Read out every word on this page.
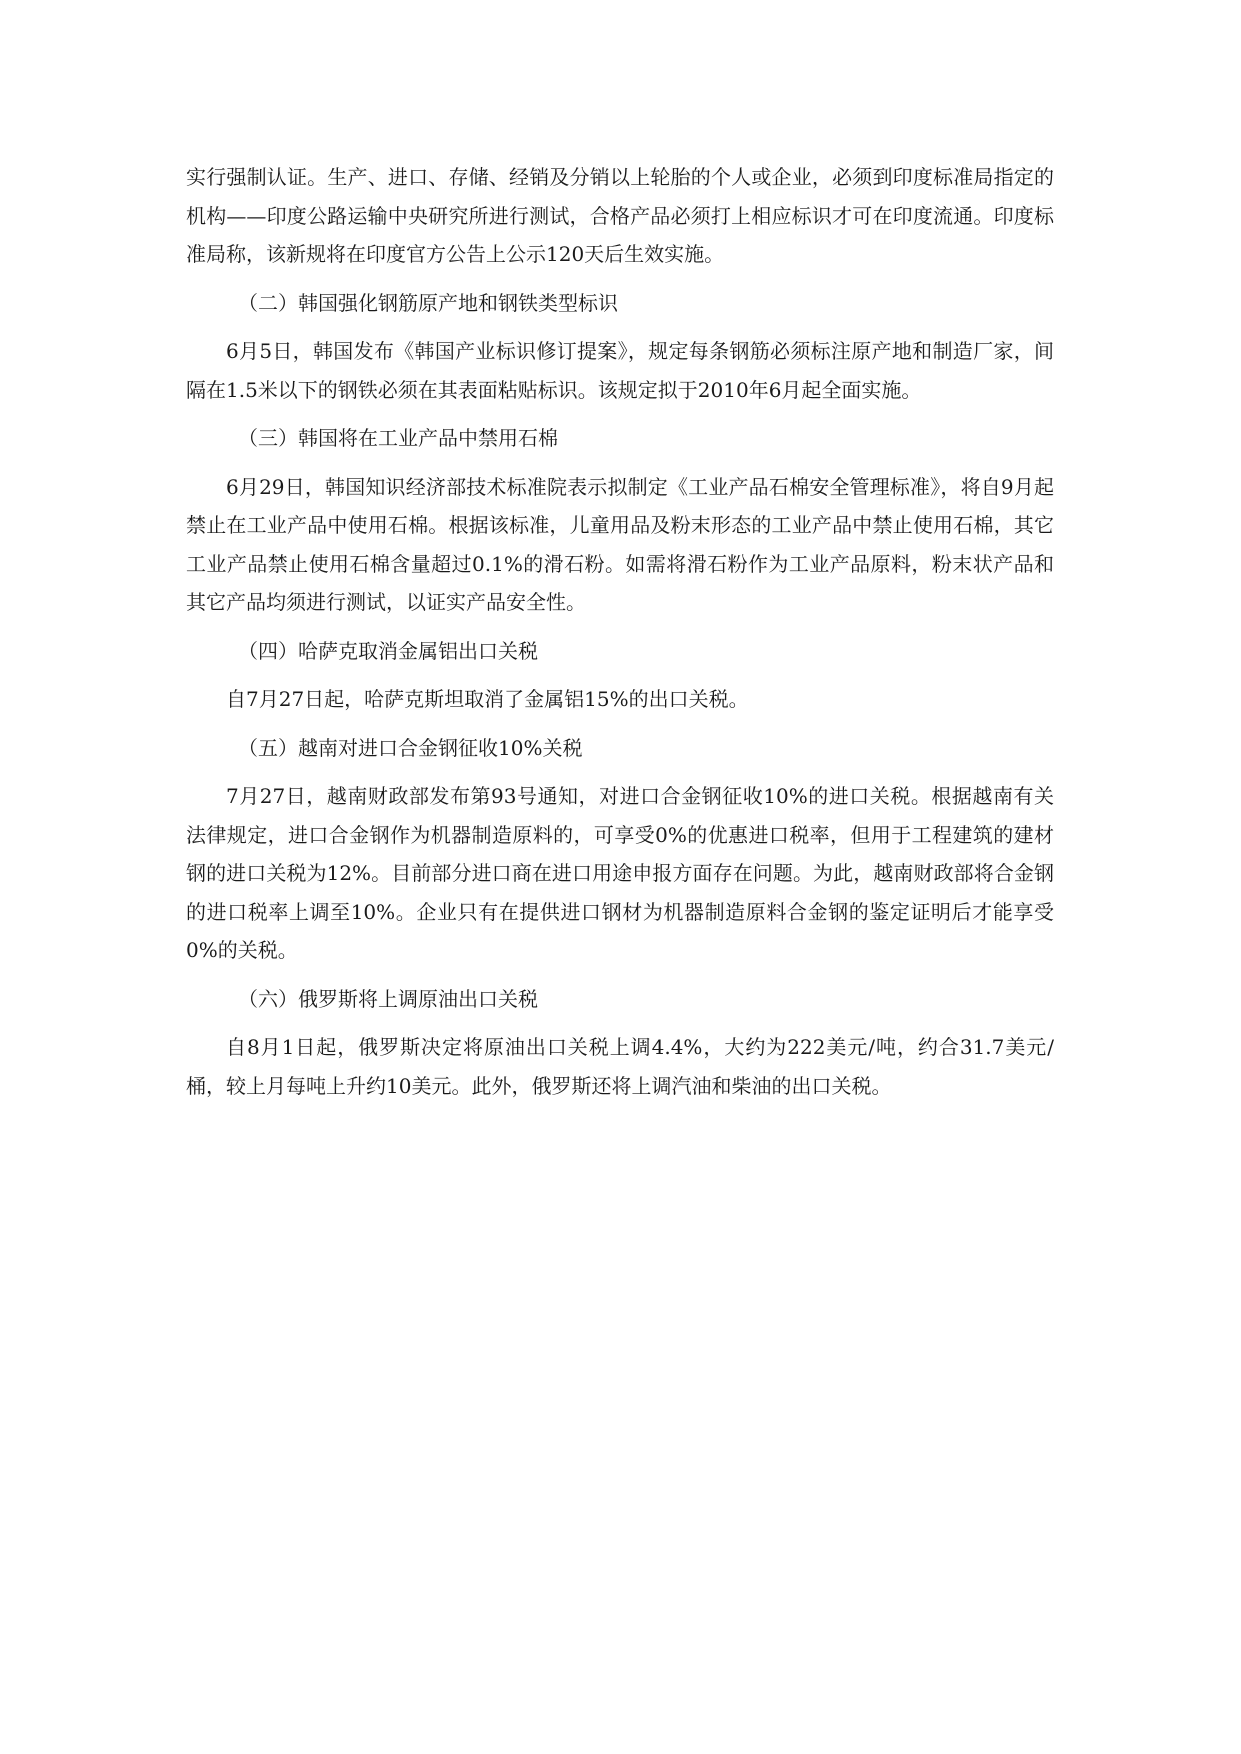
实行强制认证。生产、进口、存储、经销及分销以上轮胎的个人或企业，必须到印度标准局指定的机构——印度公路运输中央研究所进行测试，合格产品必须打上相应标识才可在印度流通。印度标准局称，该新规将在印度官方公告上公示120天后生效实施。

（二）韩国强化钢筋原产地和钢铁类型标识

6月5日，韩国发布《韩国产业标识修订提案》，规定每条钢筋必须标注原产地和制造厂家，间隔在1.5米以下的钢铁必须在其表面粘贴标识。该规定拟于2010年6月起全面实施。

（三）韩国将在工业产品中禁用石棉

6月29日，韩国知识经济部技术标准院表示拟制定《工业产品石棉安全管理标准》，将自9月起禁止在工业产品中使用石棉。根据该标准，儿童用品及粉末形态的工业产品中禁止使用石棉，其它工业产品禁止使用石棉含量超过0.1%的滑石粉。如需将滑石粉作为工业产品原料，粉末状产品和其它产品均须进行测试，以证实产品安全性。

（四）哈萨克取消金属铝出口关税

自7月27日起，哈萨克斯坦取消了金属铝15%的出口关税。

（五）越南对进口合金钢征收10%关税

7月27日，越南财政部发布第93号通知，对进口合金钢征收10%的进口关税。根据越南有关法律规定，进口合金钢作为机器制造原料的，可享受0%的优惠进口税率，但用于工程建筑的建材钢的进口关税为12%。目前部分进口商在进口用途申报方面存在问题。为此，越南财政部将合金钢的进口税率上调至10%。企业只有在提供进口钢材为机器制造原料合金钢的鉴定证明后才能享受0%的关税。

（六）俄罗斯将上调原油出口关税

自8月1日起，俄罗斯决定将原油出口关税上调4.4%，大约为222美元/吨，约合31.7美元/桶，较上月每吨上升约10美元。此外，俄罗斯还将上调汽油和柴油的出口关税。
